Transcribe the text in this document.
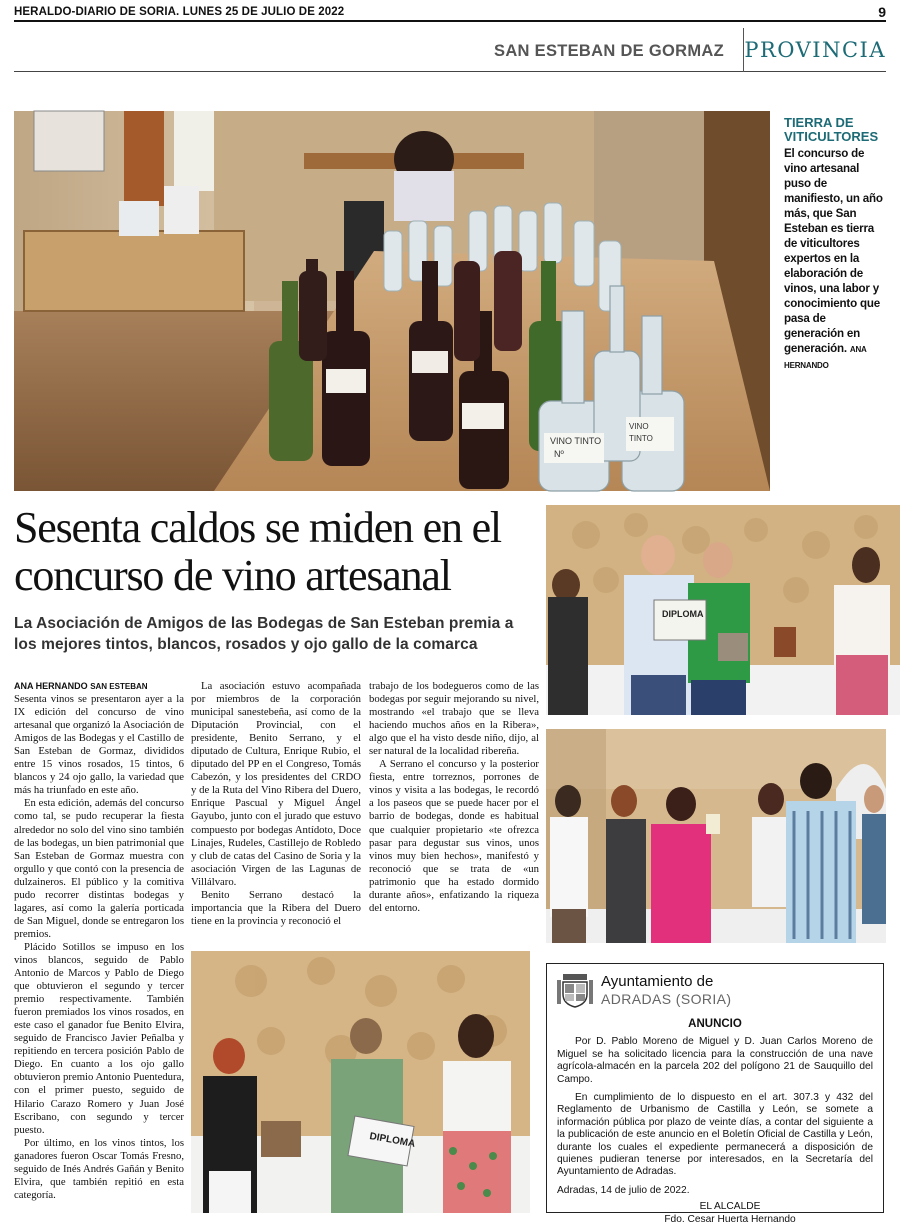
HERALDO-DIARIO DE SORIA. LUNES 25 DE JULIO DE 2022	9
SAN ESTEBAN DE GORMAZ PROVINCIA
VINO TINTO
Nº
VINO
TINTO
TIERRA DE VITICULTORES
El concurso de vino artesanal puso de manifiesto, un año más, que San Esteban es tierra de viticultores expertos en la elaboración de vinos, una labor y conocimiento que pasa de generación en generación. ANA HERNANDO
Sesenta caldos se miden en el concurso de vino artesanal
La Asociación de Amigos de las Bodegas de San Esteban premia a los mejores tintos, blancos, rosados y ojo gallo de la comarca

ANA HERNANDO SAN ESTEBAN
Sesenta vinos se presentaron ayer a la IX edición del concurso de vino artesanal que organizó la Asociación de Amigos de las Bodegas y el Castillo de San Esteban de Gormaz, divididos entre 15 vinos rosados, 15 tintos, 6 blancos y 24 ojo gallo, la variedad que más ha triunfado en este año.

En esta edición, además del concurso como tal, se pudo recuperar la fiesta alrededor no solo del vino sino también de las bodegas, un bien patrimonial que San Esteban de Gormaz muestra con orgullo y que contó con la presencia de dulzaineros. El público y la comitiva pudo recorrer distintas bodegas y lagares, así como la galería porticada de San Miguel, donde se entregaron los premios.

Plácido Sotillos se impuso en los vinos blancos, seguido de Pablo Antonio de Marcos y Pablo de Diego que obtuvieron el segundo y tercer premio respectivamente. También fueron premiados los vinos rosados, en este caso el ganador fue Benito Elvira, seguido de Francisco Javier Peñalba y repitiendo en tercera posición Pablo de Diego. En cuanto a los ojo gallo obtuvieron premio Antonio Puentedura, con el primer puesto, seguido de Hilario Carazo Romero y Juan José Escribano, con segundo y tercer puesto.

Por último, en los vinos tintos, los ganadores fueron Oscar Tomás Fresno, seguido de Inés Andrés Gañán y Benito Elvira, que también repitió en esta categoría.

La asociación estuvo acompañada por miembros de la corporación municipal sanestebeña, así como de la Diputación Provincial, con el presidente, Benito Serrano, y el diputado de Cultura, Enrique Rubio, el diputado del PP en el Congreso, Tomás Cabezón, y los presidentes del CRDO y de la Ruta del Vino Ribera del Duero, Enrique Pascual y Miguel Ángel Gayubo, junto con el jurado que estuvo compuesto por bodegas Antídoto, Doce Linajes, Rudeles, Castillejo de Robledo y club de catas del Casino de Soria y la asociación Virgen de las Lagunas de Villálvaro.

Benito Serrano destacó la importancia que la Ribera del Duero tiene en la provincia y reconoció el

trabajo de los bodegueros como de las bodegas por seguir mejorando su nivel, mostrando «el trabajo que se lleva haciendo muchos años en la Ribera», algo que el ha visto desde niño, dijo, al ser natural de la localidad ribereña.

A Serrano el concurso y la posterior fiesta, entre torreznos, porrones de vinos y visita a las bodegas, le recordó a los paseos que se puede hacer por el barrio de bodegas, donde es habitual que cualquier propietario «te ofrezca pasar para degustar sus vinos, unos vinos muy bien hechos», manifestó y reconoció que se trata de «un patrimonio que ha estado dormido durante años», enfatizando la riqueza del entorno.

DIPLOMA
DIPLOMA
Ayuntamiento de
ADRADAS (SORIA)
ANUNCIO

Por D. Pablo Moreno de Miguel y D. Juan Carlos Moreno de Miguel se ha solicitado licencia para la construcción de una nave agrícola-almacén en la parcela 202 del polígono 21 de Sauquillo del Campo.

En cumplimiento de lo dispuesto en el art. 307.3 y 432 del Reglamento de Urbanismo de Castilla y León, se somete a información pública por plazo de veinte días, a contar del siguiente a la publicación de este anuncio en el Boletín Oficial de Castilla y León, durante los cuales el expediente permanecerá a disposición de quienes pudieran tenerse por interesados, en la Secretaría del Ayuntamiento de Adradas.

Adradas, 14 de julio de 2022.

EL ALCALDE
Fdo. Cesar Huerta Hernando
